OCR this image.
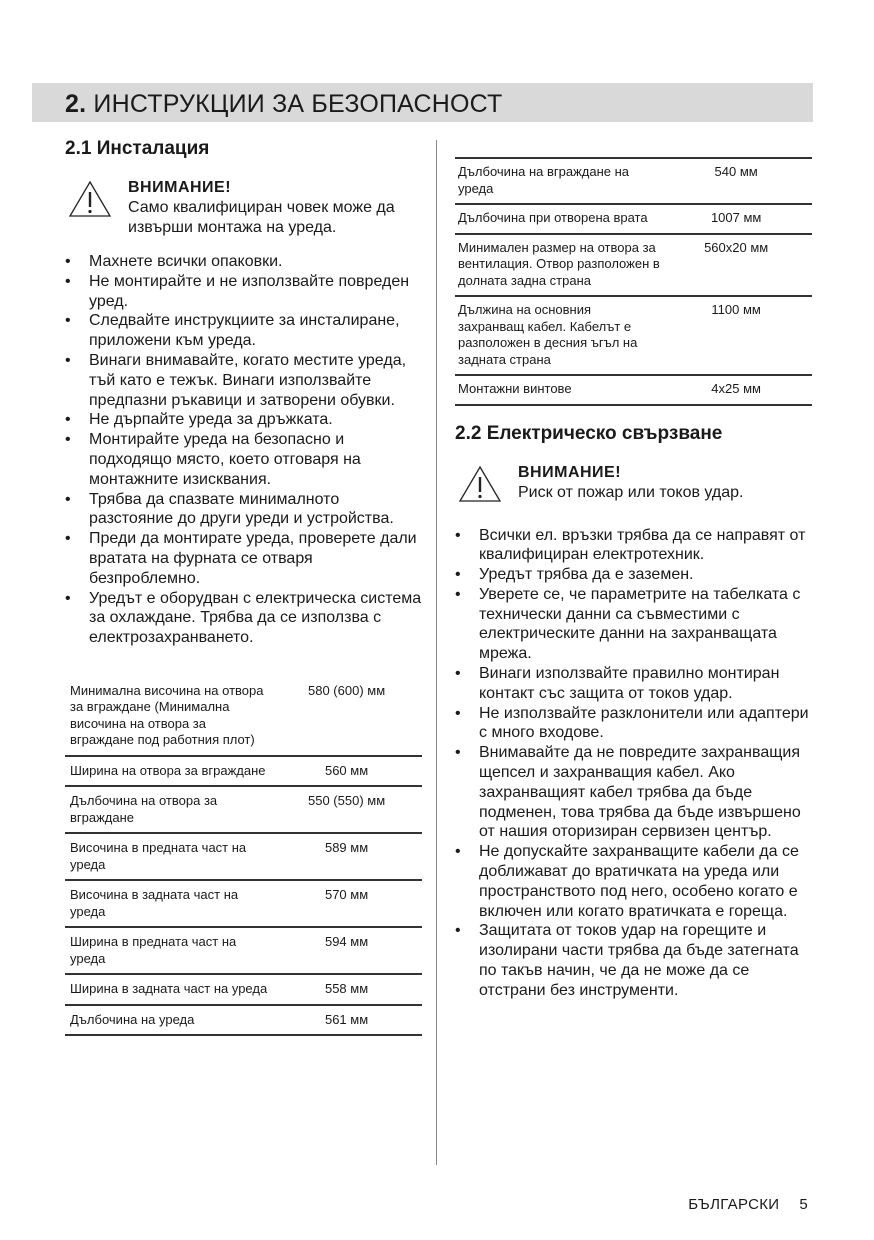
2. ИНСТРУКЦИИ ЗА БЕЗОПАСНОСТ
2.1 Инсталация
ВНИМАНИЕ!
Само квалифициран човек може да извърши монтажа на уреда.
• Махнете всички опаковки.
• Не монтирайте и не използвайте повреден уред.
• Следвайте инструкциите за инсталиране, приложени към уреда.
• Винаги внимавайте, когато местите уреда, тъй като е тежък. Винаги използвайте предпазни ръкавици и затворени обувки.
• Не дърпайте уреда за дръжката.
• Монтирайте уреда на безопасно и подходящо място, което отговаря на монтажните изисквания.
• Трябва да спазвате минималното разстояние до други уреди и устройства.
• Преди да монтирате уреда, проверете дали вратата на фурната се отваря безпроблемно.
• Уредът е оборудван с електрическа система за охлаждане. Трябва да се използва с електрозахранването.
Минимална височина на отвора за вграждане (Минимална височина на отвора за вграждане под работния плот)	580 (600) мм
Ширина на отвора за вграждане	560 мм
Дълбочина на отвора за вграждане	550 (550) мм
Височина в предната част на уреда	589 мм
Височина в задната част на уреда	570 мм
Ширина в предната част на уреда	594 мм
Ширина в задната част на уреда	558 мм
Дълбочина на уреда	561 мм
Дълбочина на вграждане на уреда	540 мм
Дълбочина при отворена врата	1007 мм
Минимален размер на отвора за вентилация. Отвор разположен в долната задна страна	560x20 мм
Дължина на основния захранващ кабел. Кабелът е разположен в десния ъгъл на задната страна	1100 мм
Монтажни винтове	4x25 мм
2.2 Електрическо свързване
ВНИМАНИЕ!
Риск от пожар или токов удар.
• Всички ел. връзки трябва да се направят от квалифициран електротехник.
• Уредът трябва да е заземен.
• Уверете се, че параметрите на табелката с технически данни са съвместими с електрическите данни на захранващата мрежа.
• Винаги използвайте правилно монтиран контакт със защита от токов удар.
• Не използвайте разклонители или адаптери с много входове.
• Внимавайте да не повредите захранващия щепсел и захранващия кабел. Ако захранващият кабел трябва да бъде подменен, това трябва да бъде извършено от нашия оторизиран сервизен център.
• Не допускайте захранващите кабели да се доближават до вратичката на уреда или пространството под него, особено когато е включен или когато вратичката е гореща.
• Защитата от токов удар на горещите и изолирани части трябва да бъде затегната по такъв начин, че да не може да се отстрани без инструменти.
БЪЛГАРСКИ 5
